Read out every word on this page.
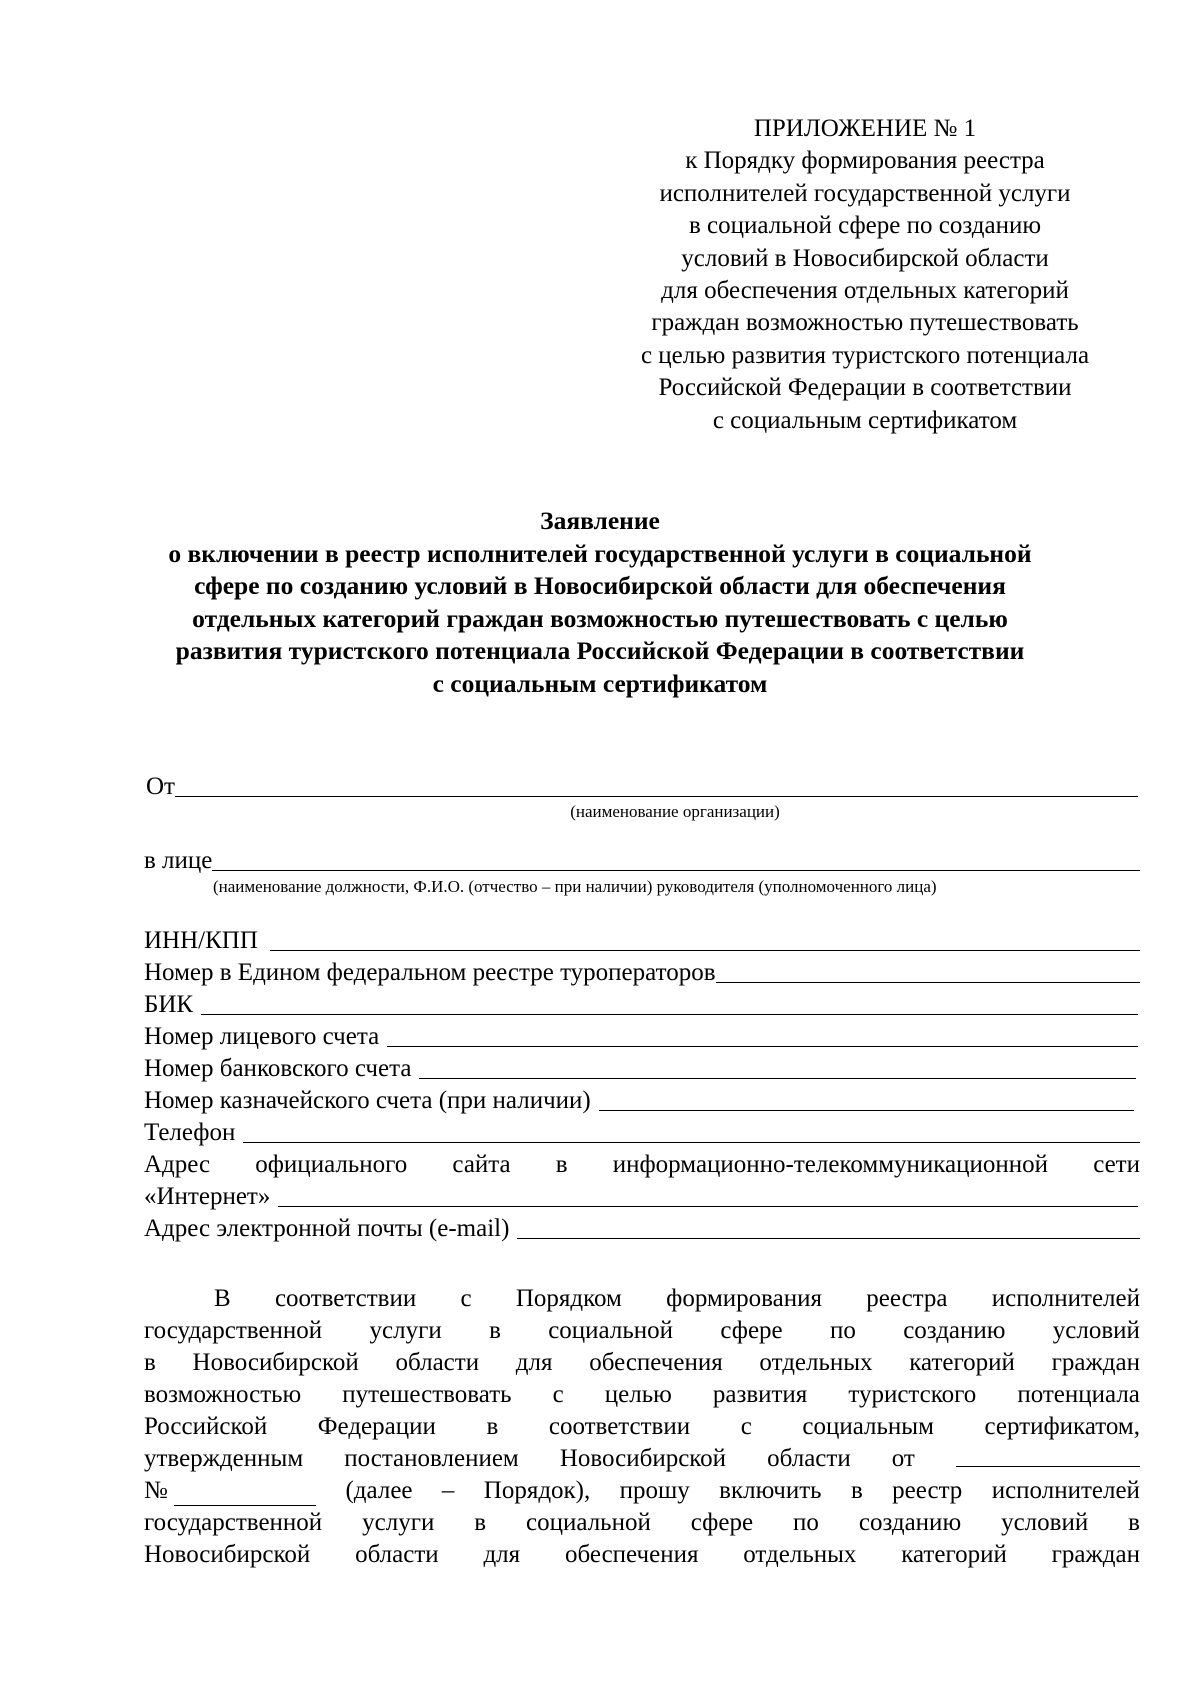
ПРИЛОЖЕНИЕ № 1
к Порядку формирования реестра
исполнителей государственной услуги
в социальной сфере по созданию
условий в Новосибирской области
для обеспечения отдельных категорий
граждан возможностью путешествовать
с целью развития туристского потенциала
Российской Федерации в соответствии
с социальным сертификатом
Заявление
о включении в реестр исполнителей государственной услуги в социальной
сфере по созданию условий в Новосибирской области для обеспечения
отдельных категорий граждан возможностью путешествовать с целью
развития туристского потенциала Российской Федерации в соответствии
с социальным сертификатом
От
(наименование организации)
в лице
(наименование должности, Ф.И.О. (отчество – при наличии) руководителя (уполномоченного лица)
ИНН/КПП
Номер в Едином федеральном реестре туроператоров
БИК
Номер лицевого счета
Номер банковского счета
Номер казначейского счета (при наличии)
Телефон
Адрес официального сайта в информационно-телекоммуникационной сети
«Интернет»
Адрес электронной почты (e-mail)
В соответствии с Порядком формирования реестра исполнителей
государственной услуги в социальной сфере по созданию условий
в Новосибирской области для обеспечения отдельных категорий граждан
возможностью путешествовать с целью развития туристского потенциала
Российской Федерации в соответствии с социальным сертификатом,
утвержденным постановлением Новосибирской области от
№	(далее – Порядок), прошу включить в реестр исполнителей
государственной услуги в социальной сфере по созданию условий в
Новосибирской области для обеспечения отдельных категорий граждан
